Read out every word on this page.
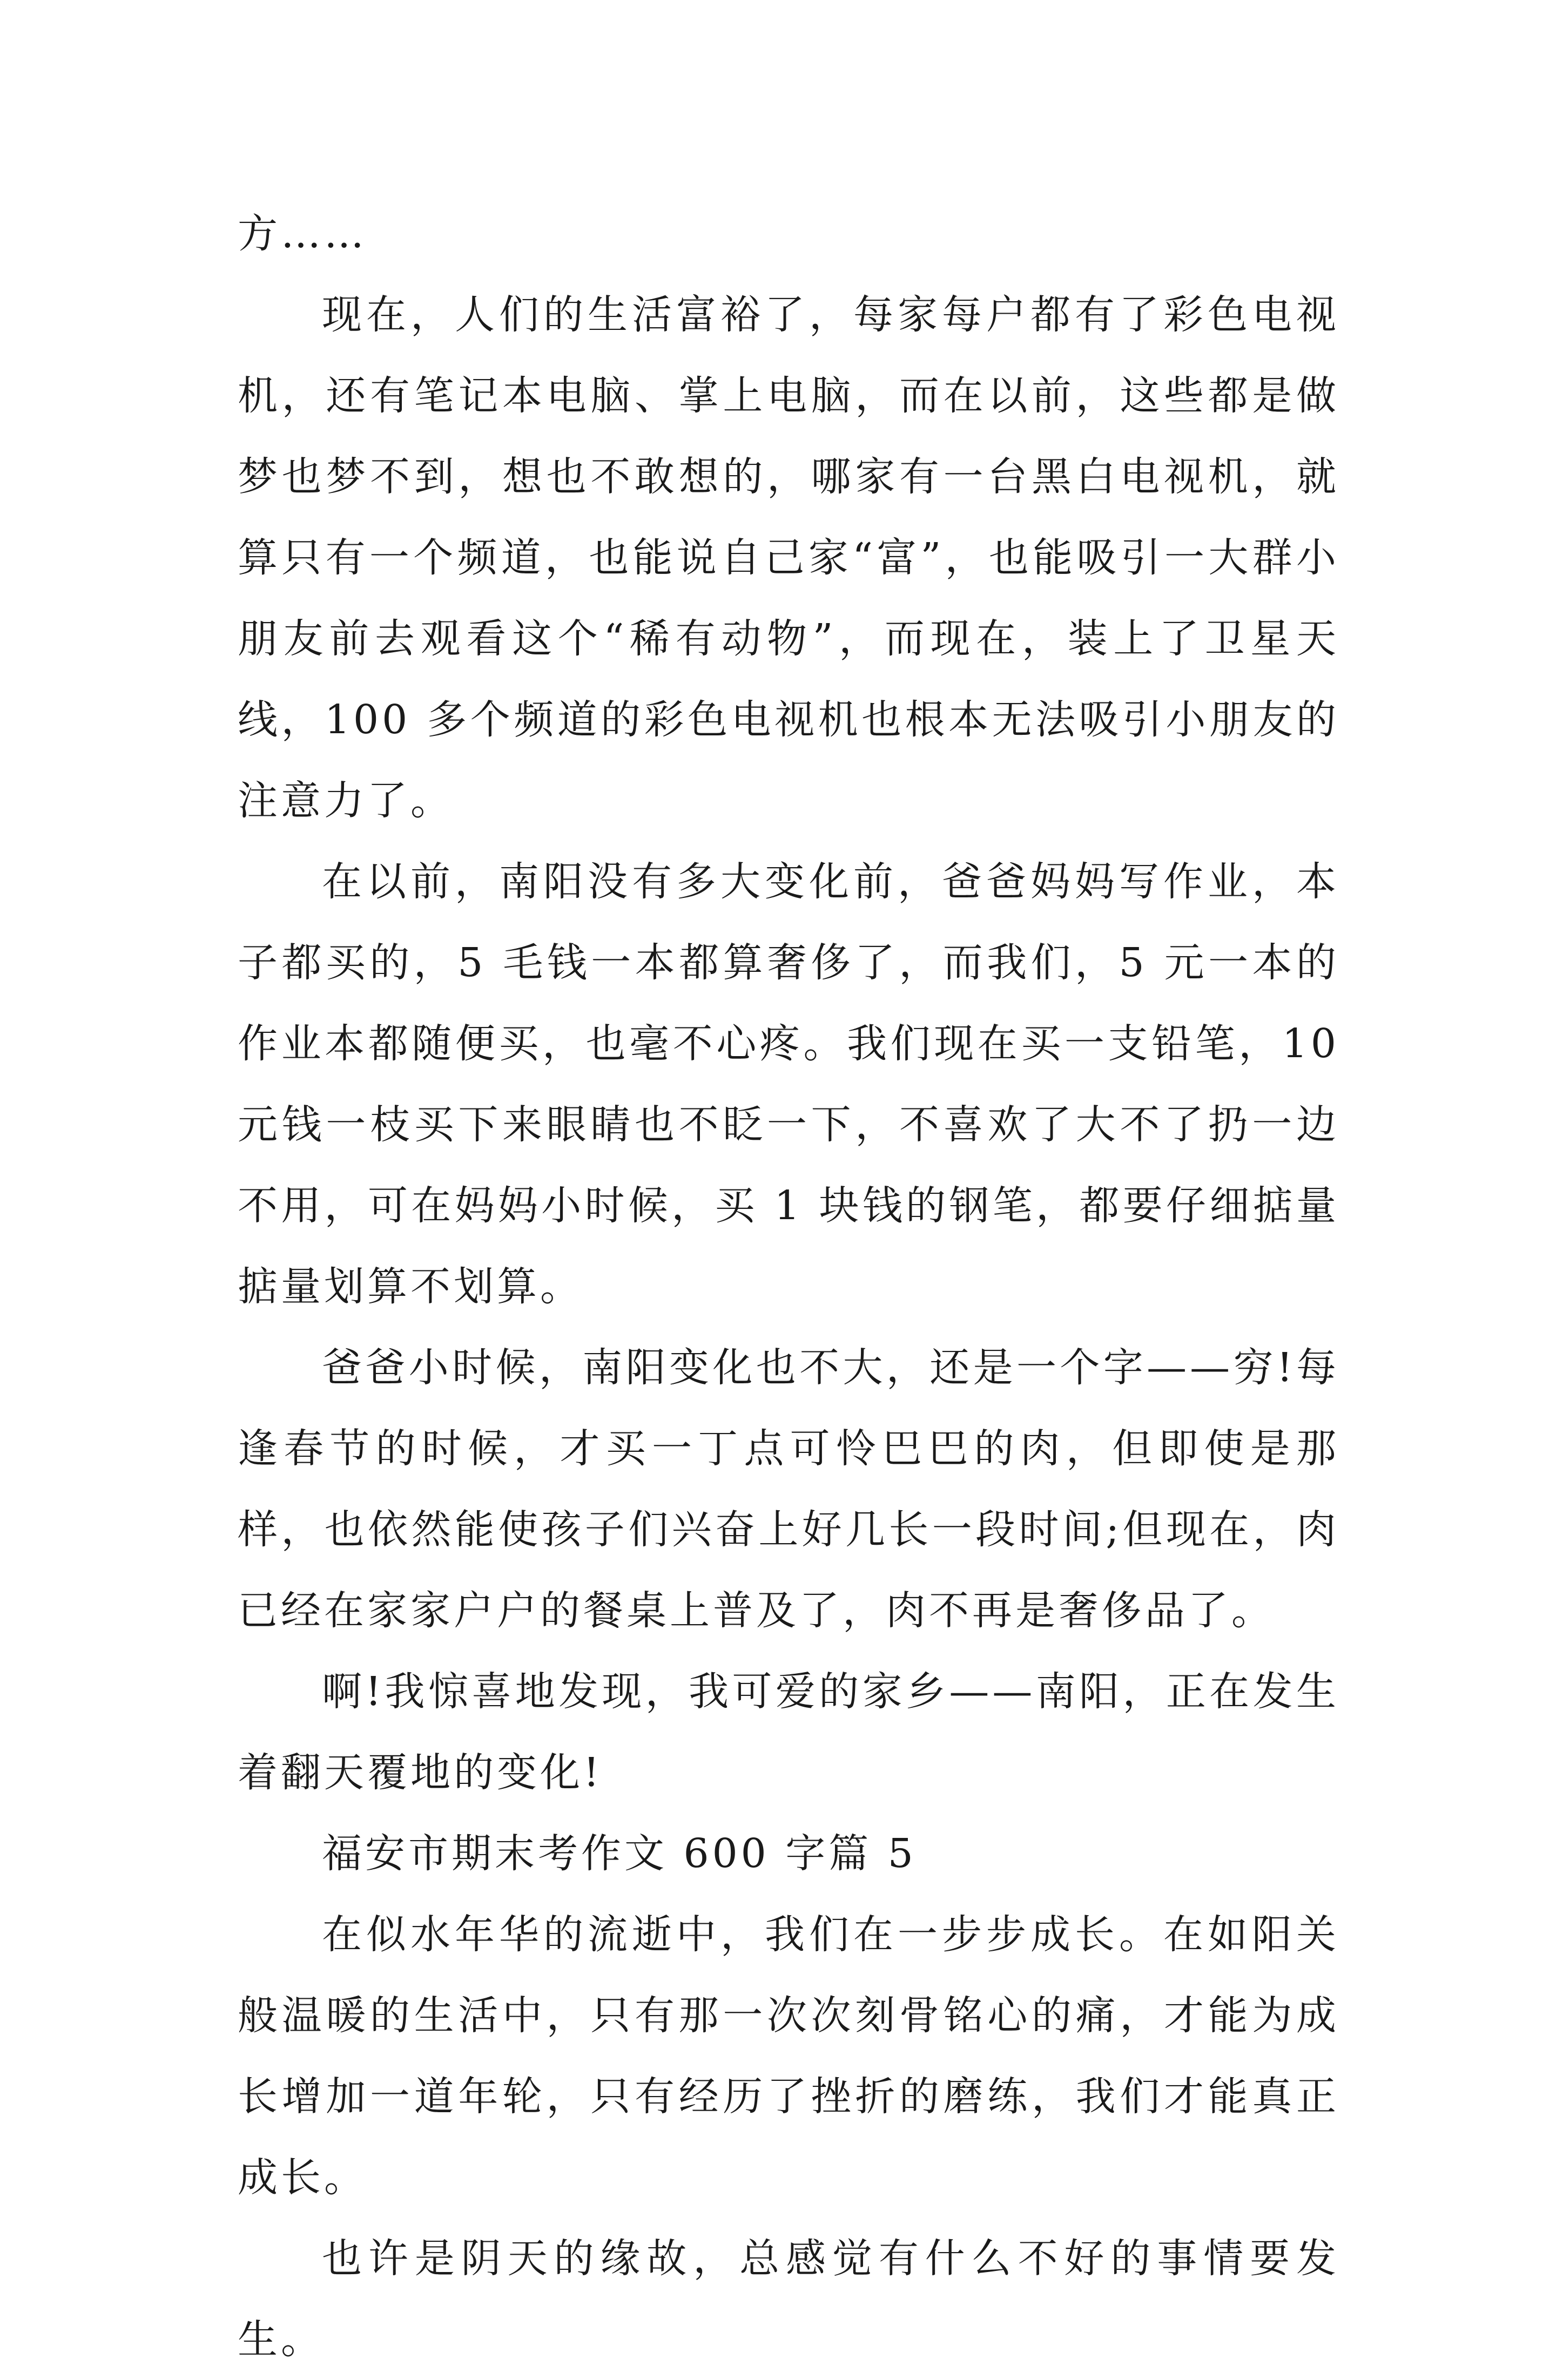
方……

现在，人们的生活富裕了，每家每户都有了彩色电视机，还有笔记本电脑、掌上电脑，而在以前，这些都是做梦也梦不到，想也不敢想的，哪家有一台黑白电视机，就算只有一个频道，也能说自己家“富”，也能吸引一大群小朋友前去观看这个“稀有动物”，而现在，装上了卫星天线，100 多个频道的彩色电视机也根本无法吸引小朋友的注意力了。

在以前，南阳没有多大变化前，爸爸妈妈写作业，本子都买的，5 毛钱一本都算奢侈了，而我们，5 元一本的作业本都随便买，也毫不心疼。我们现在买一支铅笔，10 元钱一枝买下来眼睛也不眨一下，不喜欢了大不了扔一边不用，可在妈妈小时候，买 1 块钱的钢笔，都要仔细掂量掂量划算不划算。

爸爸小时候，南阳变化也不大，还是一个字——穷!每逢春节的时候，才买一丁点可怜巴巴的肉，但即使是那样，也依然能使孩子们兴奋上好几长一段时间;但现在，肉已经在家家户户的餐桌上普及了，肉不再是奢侈品了。

啊!我惊喜地发现，我可爱的家乡——南阳，正在发生着翻天覆地的变化!

福安市期末考作文 600 字篇 5

在似水年华的流逝中，我们在一步步成长。在如阳关般温暖的生活中，只有那一次次刻骨铭心的痛，才能为成长增加一道年轮，只有经历了挫折的磨练，我们才能真正成长。

也许是阴天的缘故，总感觉有什么不好的事情要发生。
